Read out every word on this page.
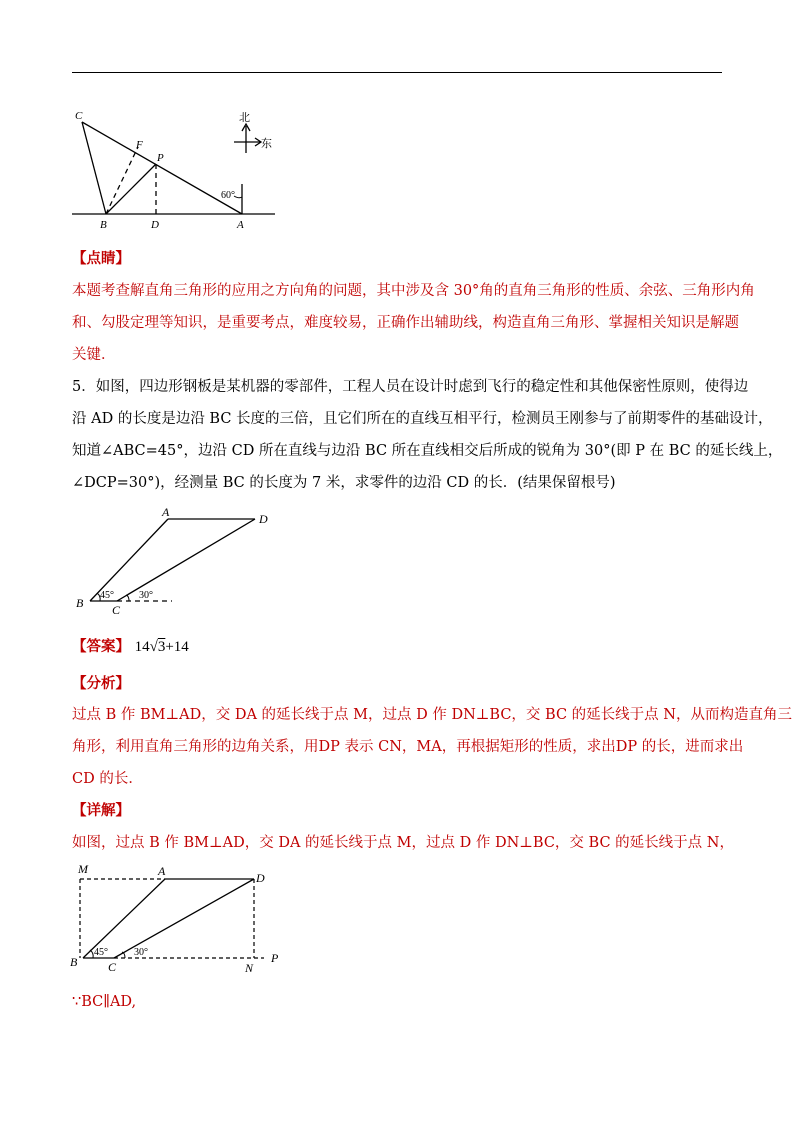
C
F
P
B	D	A
60°
北
东
【点睛】
本题考查解直角三角形的应用之方向角的问题，其中涉及含 30°角的直角三角形的性质、余弦、三角形内角
和、勾股定理等知识，是重要考点，难度较易，正确作出辅助线，构造直角三角形、掌握相关知识是解题
关键．
5．如图，四边形钢板是某机器的零部件，工程人员在设计时虑到飞行的稳定性和其他保密性原则，使得边
沿 AD 的长度是边沿 BC 长度的三倍，且它们所在的直线互相平行，检测员王刚参与了前期零件的基础设计，
知道∠ABC=45°，边沿 CD 所在直线与边沿 BC 所在直线相交后所成的锐角为 30°(即 P 在 BC 的延长线上，
∠DCP=30°)，经测量 BC 的长度为 7 米，求零件的边沿 CD 的长．(结果保留根号)
A	D
B C
45°	30°
【答案】 14√3+14
【分析】
过点 B 作 BM⊥AD，交 DA 的延长线于点 M，过点 D 作 DN⊥BC，交 BC 的延长线于点 N，从而构造直角三
角形，利用直角三角形的边角关系，用DP 表示 CN，MA，再根据矩形的性质，求出DP 的长，进而求出
CD 的长．
【详解】
如图，过点 B 作 BM⊥AD，交 DA 的延长线于点 M，过点 D 作 DN⊥BC，交 BC 的延长线于点 N，
M	A	D
B	C	N
P
45°	30°
∵BC∥AD,
